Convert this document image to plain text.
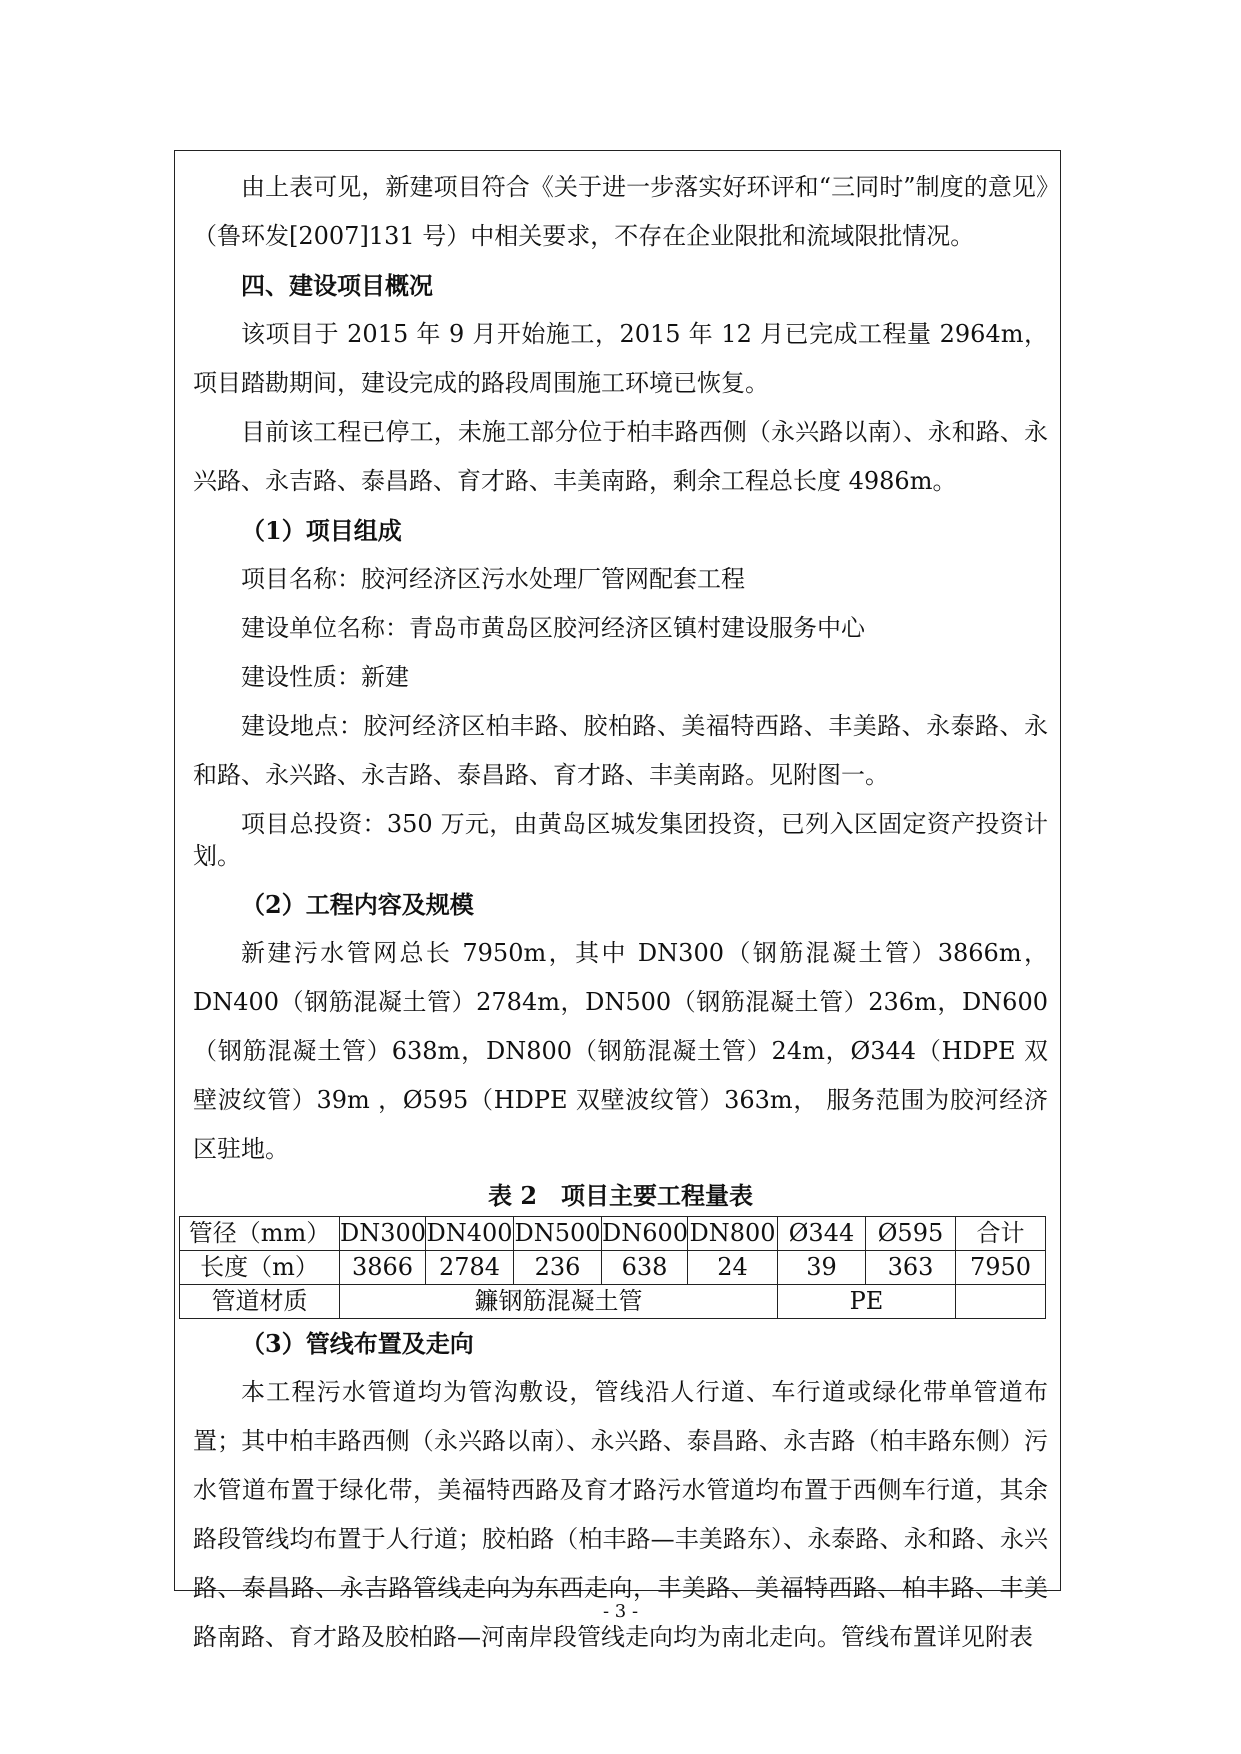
由上表可见，新建项目符合《关于进一步落实好环评和“三同时”制度的意见》（鲁环发[2007]131 号）中相关要求，不存在企业限批和流域限批情况。

四、建设项目概况

该项目于 2015 年 9 月开始施工，2015 年 12 月已完成工程量 2964m，项目踏勘期间，建设完成的路段周围施工环境已恢复。

目前该工程已停工，未施工部分位于柏丰路西侧（永兴路以南）、永和路、永兴路、永吉路、泰昌路、育才路、丰美南路，剩余工程总长度 4986m。

（1）项目组成

项目名称：胶河经济区污水处理厂管网配套工程

建设单位名称：青岛市黄岛区胶河经济区镇村建设服务中心

建设性质：新建

建设地点：胶河经济区柏丰路、胶柏路、美福特西路、丰美路、永泰路、永和路、永兴路、永吉路、泰昌路、育才路、丰美南路。见附图一。

项目总投资：350 万元，由黄岛区城发集团投资，已列入区固定资产投资计划。

（2）工程内容及规模

新建污水管网总长 7950m，其中 DN300（钢筋混凝土管）3866m，DN400（钢筋混凝土管）2784m，DN500（钢筋混凝土管）236m，DN600（钢筋混凝土管）638m，DN800（钢筋混凝土管）24m，Ø344（HDPE 双壁波纹管）39m ，Ø595（HDPE 双壁波纹管）363m， 服务范围为胶河经济区驻地。

表 2　项目主要工程量表
管径（mm）	DN300	DN400	DN500	DN600	DN800	Ø344	Ø595	合计
长度（m）	3866	2784	236	638	24	39	363	7950
管道材质	鐮钢筋混凝土管					PE		

（3）管线布置及走向

本工程污水管道均为管沟敷设，管线沿人行道、车行道或绿化带单管道布置；其中柏丰路西侧（永兴路以南）、永兴路、泰昌路、永吉路（柏丰路东侧）污水管道布置于绿化带，美福特西路及育才路污水管道均布置于西侧车行道，其余路段管线均布置于人行道；胶柏路（柏丰路—丰美路东）、永泰路、永和路、永兴路、泰昌路、永吉路管线走向为东西走向，丰美路、美福特西路、柏丰路、丰美路南路、育才路及胶柏路—河南岸段管线走向均为南北走向。管线布置详见附表

- 3 -
